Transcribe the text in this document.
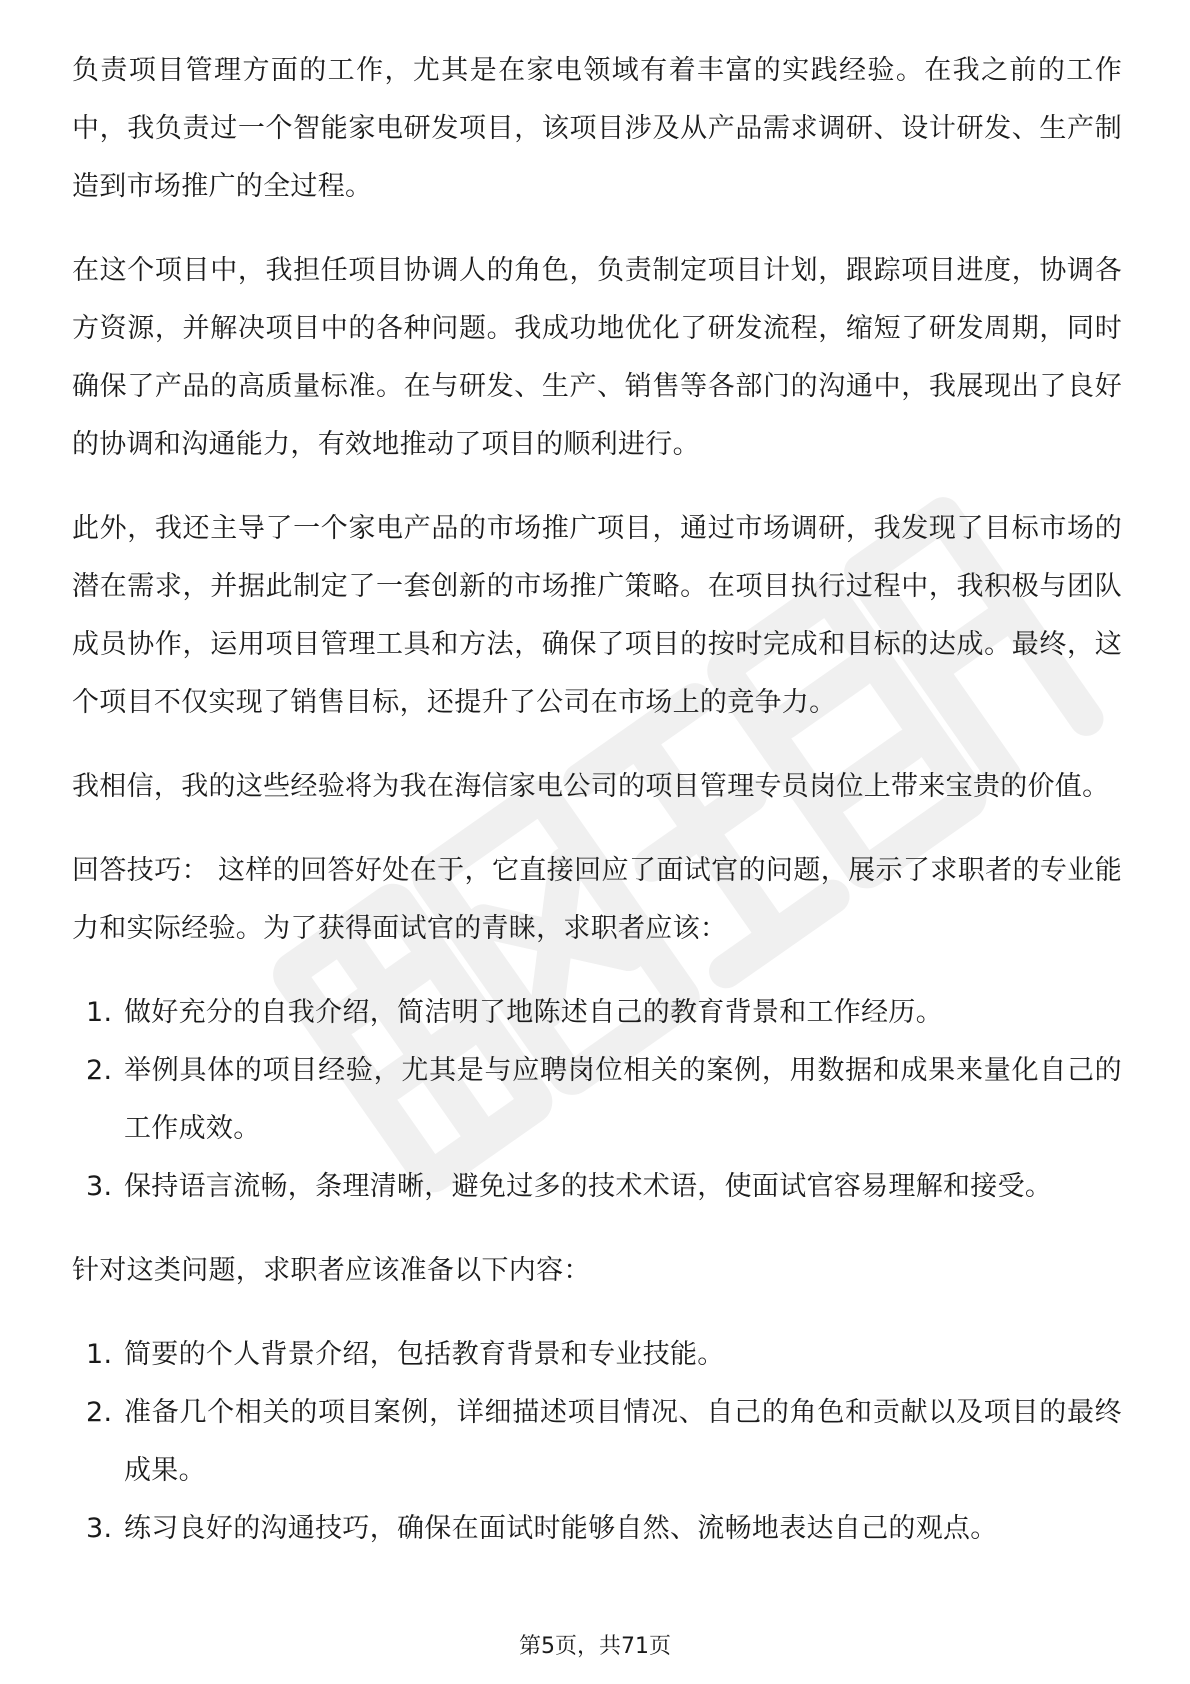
负责项目管理方面的工作，尤其是在家电领域有着丰富的实践经验。在我之前的工作中，我负责过一个智能家电研发项目，该项目涉及从产品需求调研、设计研发、生产制造到市场推广的全过程。

在这个项目中，我担任项目协调人的角色，负责制定项目计划，跟踪项目进度，协调各方资源，并解决项目中的各种问题。我成功地优化了研发流程，缩短了研发周期，同时确保了产品的高质量标准。在与研发、生产、销售等各部门的沟通中，我展现出了良好的协调和沟通能力，有效地推动了项目的顺利进行。

此外，我还主导了一个家电产品的市场推广项目，通过市场调研，我发现了目标市场的潜在需求，并据此制定了一套创新的市场推广策略。在项目执行过程中，我积极与团队成员协作，运用项目管理工具和方法，确保了项目的按时完成和目标的达成。最终，这个项目不仅实现了销售目标，还提升了公司在市场上的竞争力。

我相信，我的这些经验将为我在海信家电公司的项目管理专员岗位上带来宝贵的价值。

回答技巧： 这样的回答好处在于，它直接回应了面试官的问题，展示了求职者的专业能力和实际经验。为了获得面试官的青睐，求职者应该：

1. 做好充分的自我介绍，简洁明了地陈述自己的教育背景和工作经历。
2. 举例具体的项目经验，尤其是与应聘岗位相关的案例，用数据和成果来量化自己的工作成效。
3. 保持语言流畅，条理清晰，避免过多的技术术语，使面试官容易理解和接受。

针对这类问题，求职者应该准备以下内容：

1. 简要的个人背景介绍，包括教育背景和专业技能。
2. 准备几个相关的项目案例，详细描述项目情况、自己的角色和贡献以及项目的最终成果。
3. 练习良好的沟通技巧，确保在面试时能够自然、流畅地表达自己的观点。
第5页，共71页
